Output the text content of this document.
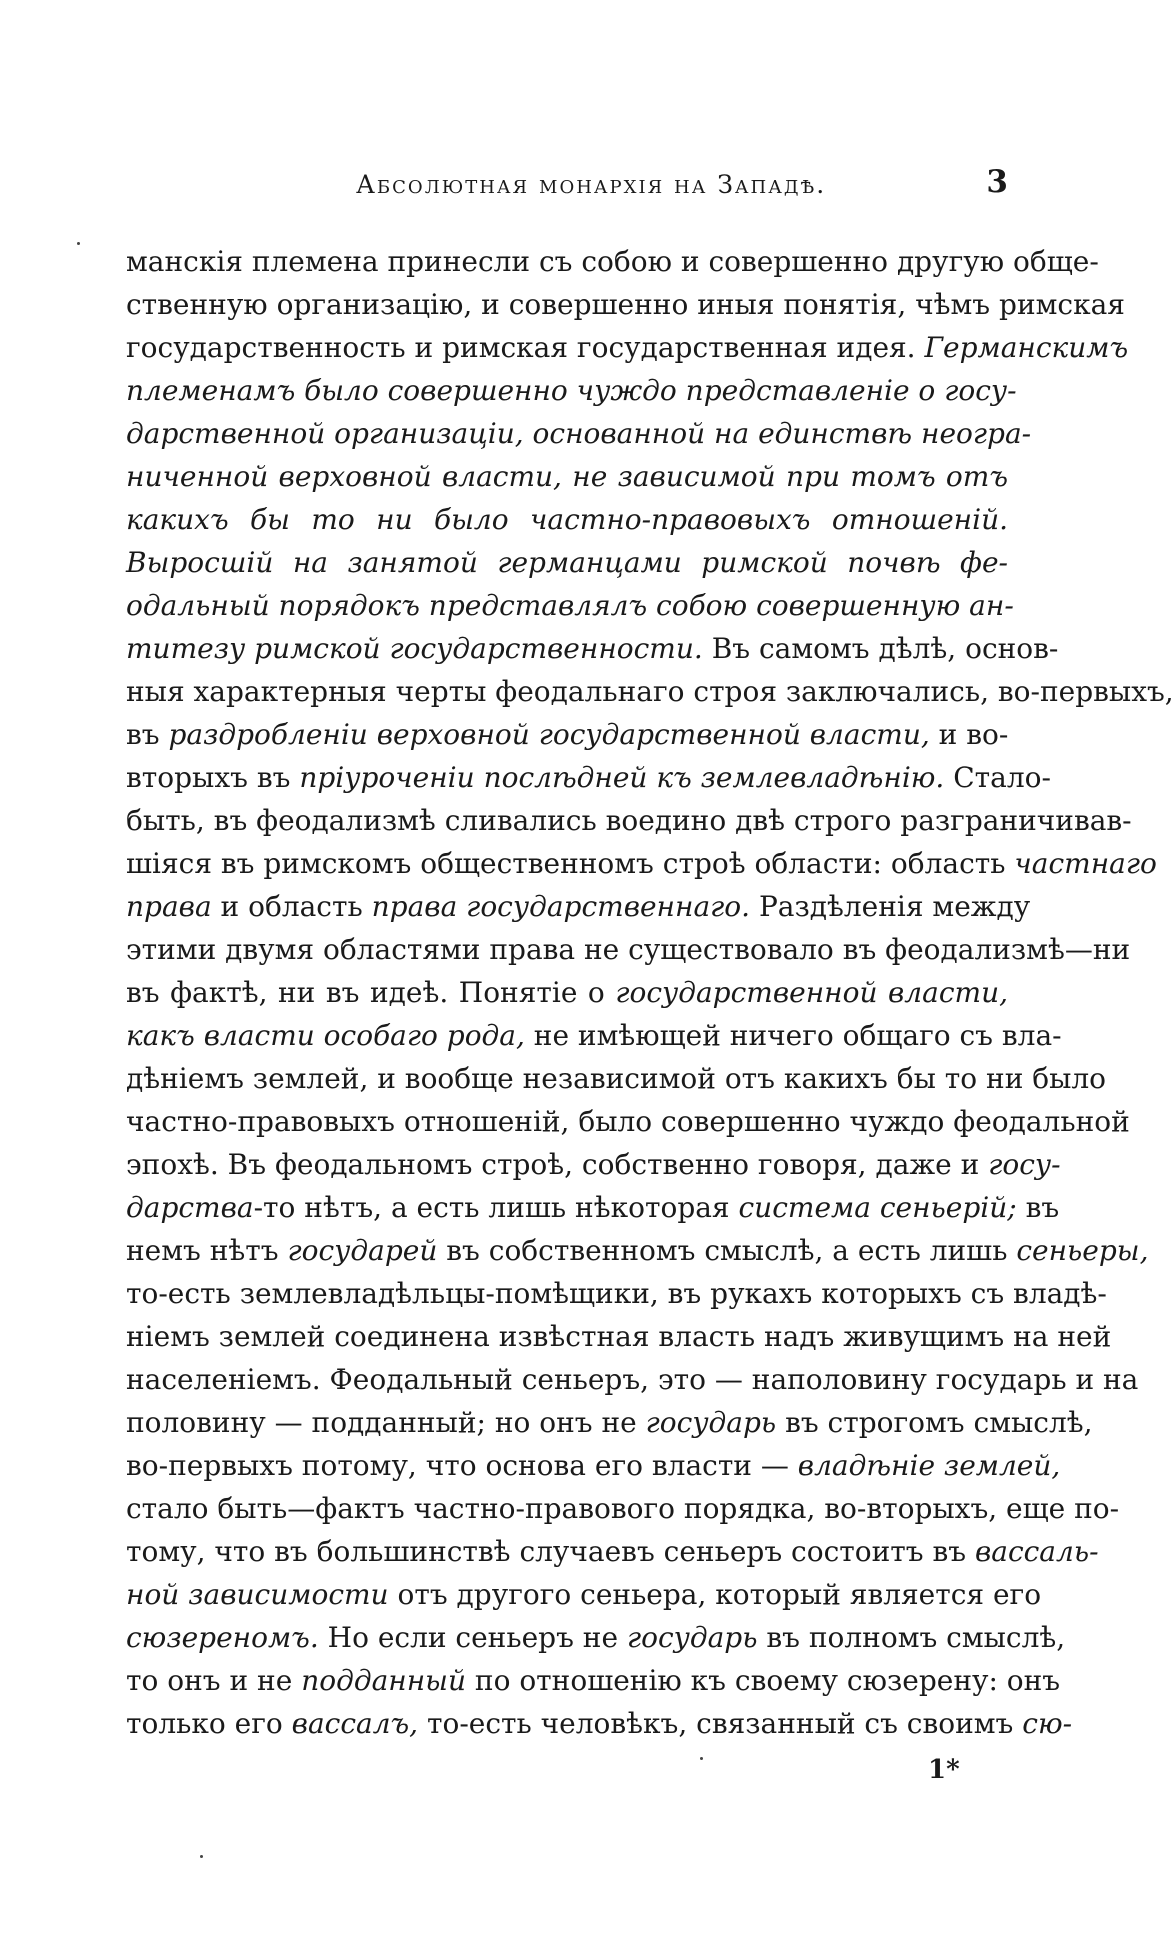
Абсолютная монархія на Западѣ.	3
манскія племена принесли съ собою и совершенно другую обще-
ственную организацію, и совершенно иныя понятія, чѣмъ римская
государственность и римская государственная идея. Германскимъ
племенамъ было совершенно чуждо представленіе о госу-
дарственной организаціи, основанной на единствѣ неогра-
ниченной верховной власти, не зависимой при томъ отъ
какихъ бы то ни было частно-правовыхъ отношеній.
Выросшій на занятой германцами римской почвѣ фе-
одальный порядокъ представлялъ собою совершенную ан-
титезу римской государственности. Въ самомъ дѣлѣ, основ-
ныя характерныя черты феодальнаго строя заключались, во-первыхъ,
въ раздробленіи верховной государственной власти, и во-
вторыхъ въ пріуроченіи послѣдней къ землевладѣнію. Стало-
быть, въ феодализмѣ сливались воедино двѣ строго разграничивав-
шіяся въ римскомъ общественномъ строѣ области: область частнаго
права и область права государственнаго. Раздѣленія между
этими двумя областями права не существовало въ феодализмѣ—ни
въ фактѣ, ни въ идеѣ. Понятіе о государственной власти,
какъ власти особаго рода, не имѣющей ничего общаго съ вла-
дѣніемъ землей, и вообще независимой отъ какихъ бы то ни было
частно-правовыхъ отношеній, было совершенно чуждо феодальной
эпохѣ. Въ феодальномъ строѣ, собственно говоря, даже и госу-
дарства-то нѣтъ, а есть лишь нѣкоторая система сеньерій; въ
немъ нѣтъ государей въ собственномъ смыслѣ, а есть лишь сеньеры,
то-есть землевладѣльцы-помѣщики, въ рукахъ которыхъ съ владѣ-
ніемъ землей соединена извѣстная власть надъ живущимъ на ней
населеніемъ. Феодальный сеньеръ, это — наполовину государь и на
половину — подданный; но онъ не государь въ строгомъ смыслѣ,
во-первыхъ потому, что основа его власти — владѣніе землей,
стало быть—фактъ частно-правового порядка, во-вторыхъ, еще по-
тому, что въ большинствѣ случаевъ сеньеръ состоитъ въ вассаль-
ной зависимости отъ другого сеньера, который является его
сюзереномъ. Но если сеньеръ не государь въ полномъ смыслѣ,
то онъ и не подданный по отношенію къ своему сюзерену: онъ
только его вассалъ, то-есть человѣкъ, связанный съ своимъ сю-
1*
